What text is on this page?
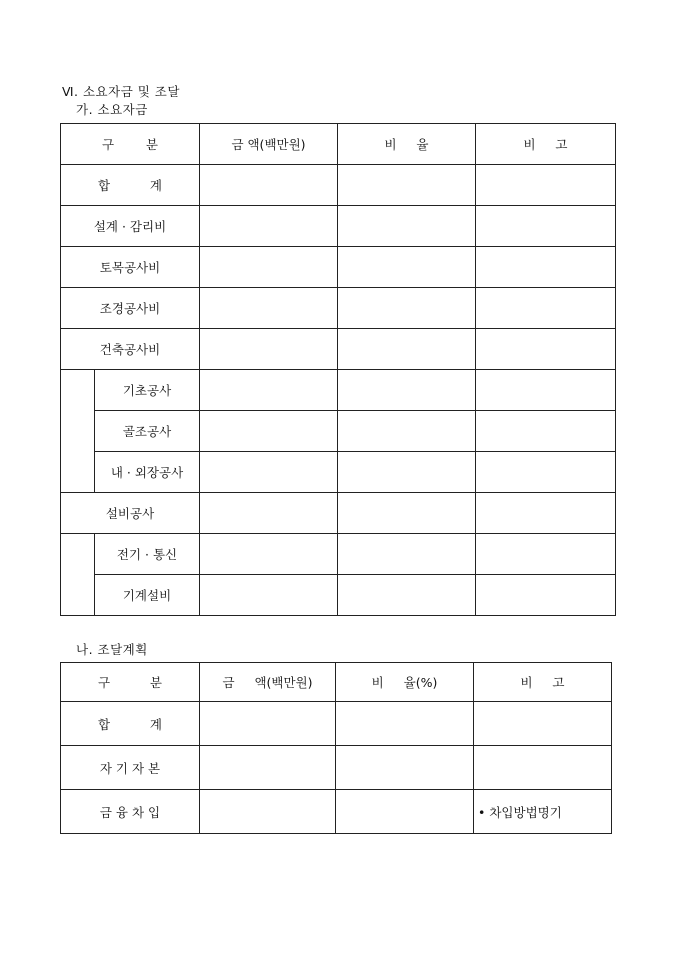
Ⅵ. 소요자금 및 조달
가. 소요자금
구        분		금 액(백만원)	비     율	비     고
합          계				
설계 · 감리비				
토목공사비				
조경공사비				
건축공사비				
	기초공사			
	골조공사			
	내 · 외장공사			
설비공사				
	전기 · 통신			
	기계설비			
나. 조달계획
구          분	금     액(백만원)	비     율(%)	비     고
합          계			
자 기 자 본			
금 융 차 입			• 차입방법명기
